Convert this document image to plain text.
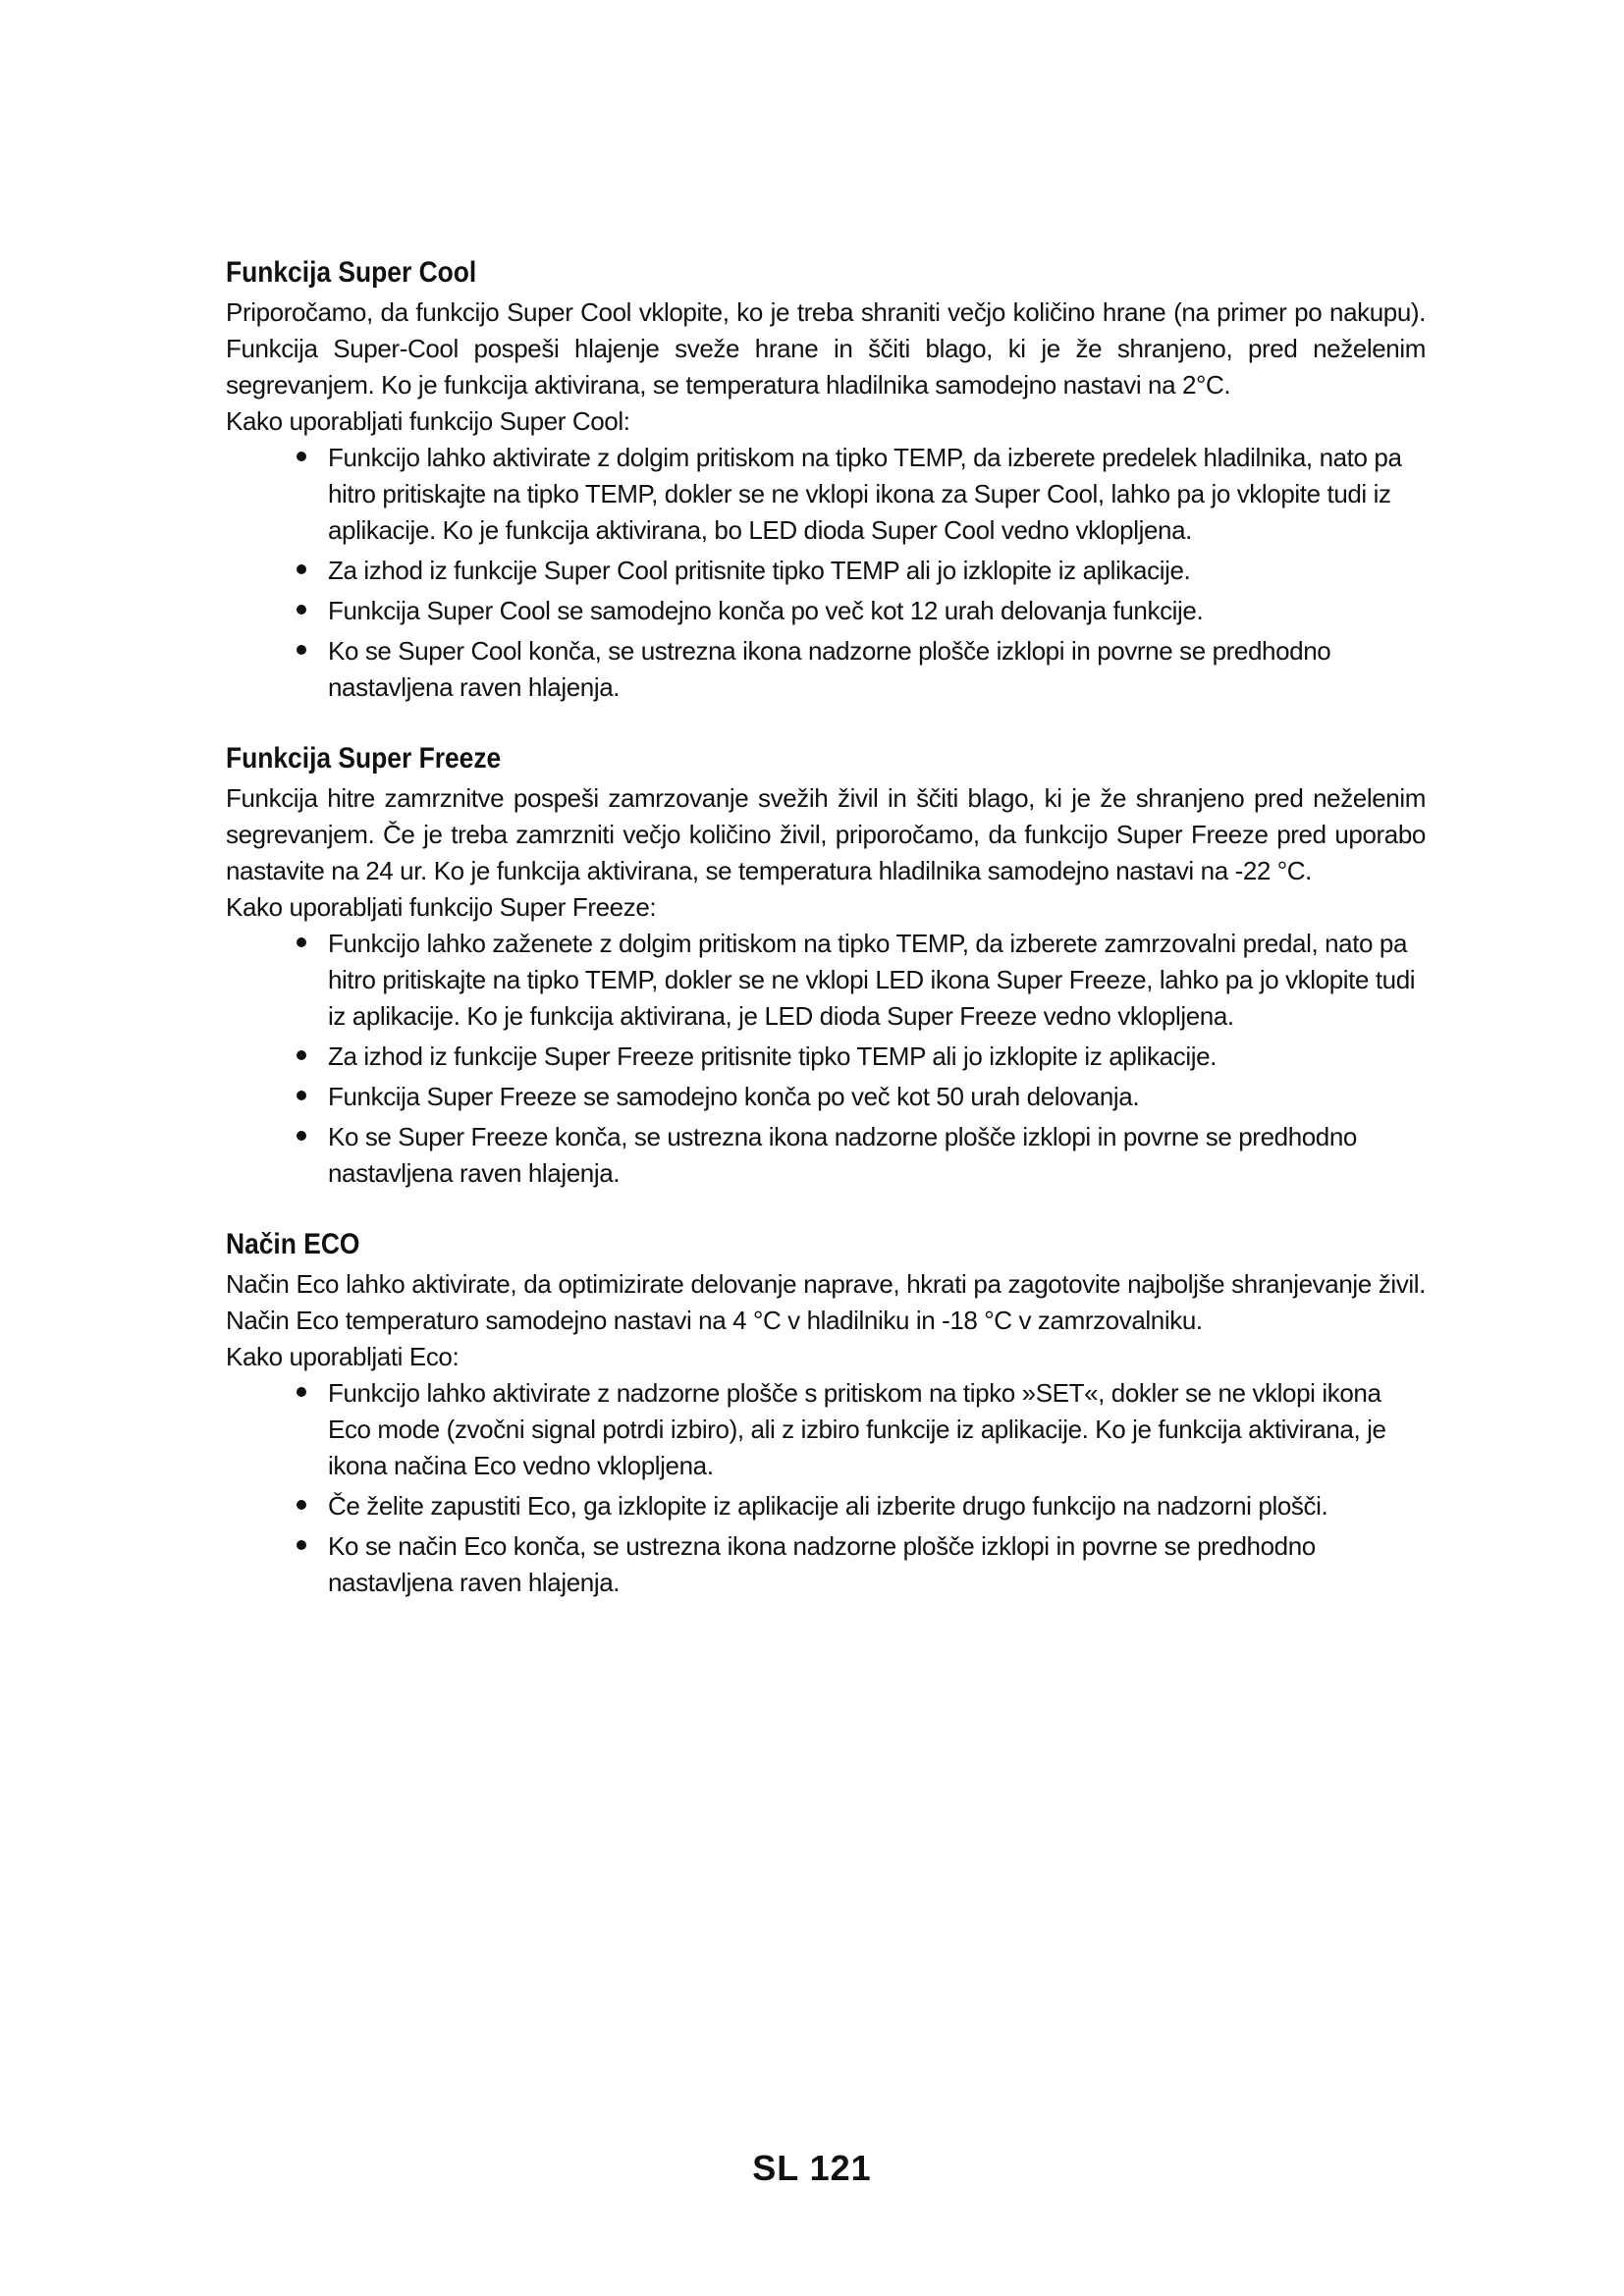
Funkcija Super Cool

Priporočamo, da funkcijo Super Cool vklopite, ko je treba shraniti večjo količino hrane (na primer po nakupu). Funkcija Super-Cool pospeši hlajenje sveže hrane in ščiti blago, ki je že shranjeno, pred neželenim segrevanjem. Ko je funkcija aktivirana, se temperatura hladilnika samodejno nastavi na 2°C.

Kako uporabljati funkcijo Super Cool:

Funkcijo lahko aktivirate z dolgim pritiskom na tipko TEMP, da izberete predelek hladilnika, nato pa hitro pritiskajte na tipko TEMP, dokler se ne vklopi ikona za Super Cool, lahko pa jo vklopite tudi iz aplikacije. Ko je funkcija aktivirana, bo LED dioda Super Cool vedno vklopljena.
Za izhod iz funkcije Super Cool pritisnite tipko TEMP ali jo izklopite iz aplikacije.
Funkcija Super Cool se samodejno konča po več kot 12 urah delovanja funkcije.
Ko se Super Cool konča, se ustrezna ikona nadzorne plošče izklopi in povrne se predhodno nastavljena raven hlajenja.
Funkcija Super Freeze

Funkcija hitre zamrznitve pospeši zamrzovanje svežih živil in ščiti blago, ki je že shranjeno pred neželenim segrevanjem. Če je treba zamrzniti večjo količino živil, priporočamo, da funkcijo Super Freeze pred uporabo nastavite na 24 ur. Ko je funkcija aktivirana, se temperatura hladilnika samodejno nastavi na -22 °C.

Kako uporabljati funkcijo Super Freeze:

Funkcijo lahko zaženete z dolgim pritiskom na tipko TEMP, da izberete zamrzovalni predal, nato pa hitro pritiskajte na tipko TEMP, dokler se ne vklopi LED ikona Super Freeze, lahko pa jo vklopite tudi iz aplikacije. Ko je funkcija aktivirana, je LED dioda Super Freeze vedno vklopljena.
Za izhod iz funkcije Super Freeze pritisnite tipko TEMP ali jo izklopite iz aplikacije.
Funkcija Super Freeze se samodejno konča po več kot 50 urah delovanja.
Ko se Super Freeze konča, se ustrezna ikona nadzorne plošče izklopi in povrne se predhodno nastavljena raven hlajenja.
Način ECO

Način Eco lahko aktivirate, da optimizirate delovanje naprave, hkrati pa zagotovite najboljše shranjevanje živil. Način Eco temperaturo samodejno nastavi na 4 °C v hladilniku in -18 °C v zamrzovalniku.

Kako uporabljati Eco:

Funkcijo lahko aktivirate z nadzorne plošče s pritiskom na tipko »SET«, dokler se ne vklopi ikona Eco mode (zvočni signal potrdi izbiro), ali z izbiro funkcije iz aplikacije. Ko je funkcija aktivirana, je ikona načina Eco vedno vklopljena.
Če želite zapustiti Eco, ga izklopite iz aplikacije ali izberite drugo funkcijo na nadzorni plošči.
Ko se način Eco konča, se ustrezna ikona nadzorne plošče izklopi in povrne se predhodno nastavljena raven hlajenja.
SL 121
